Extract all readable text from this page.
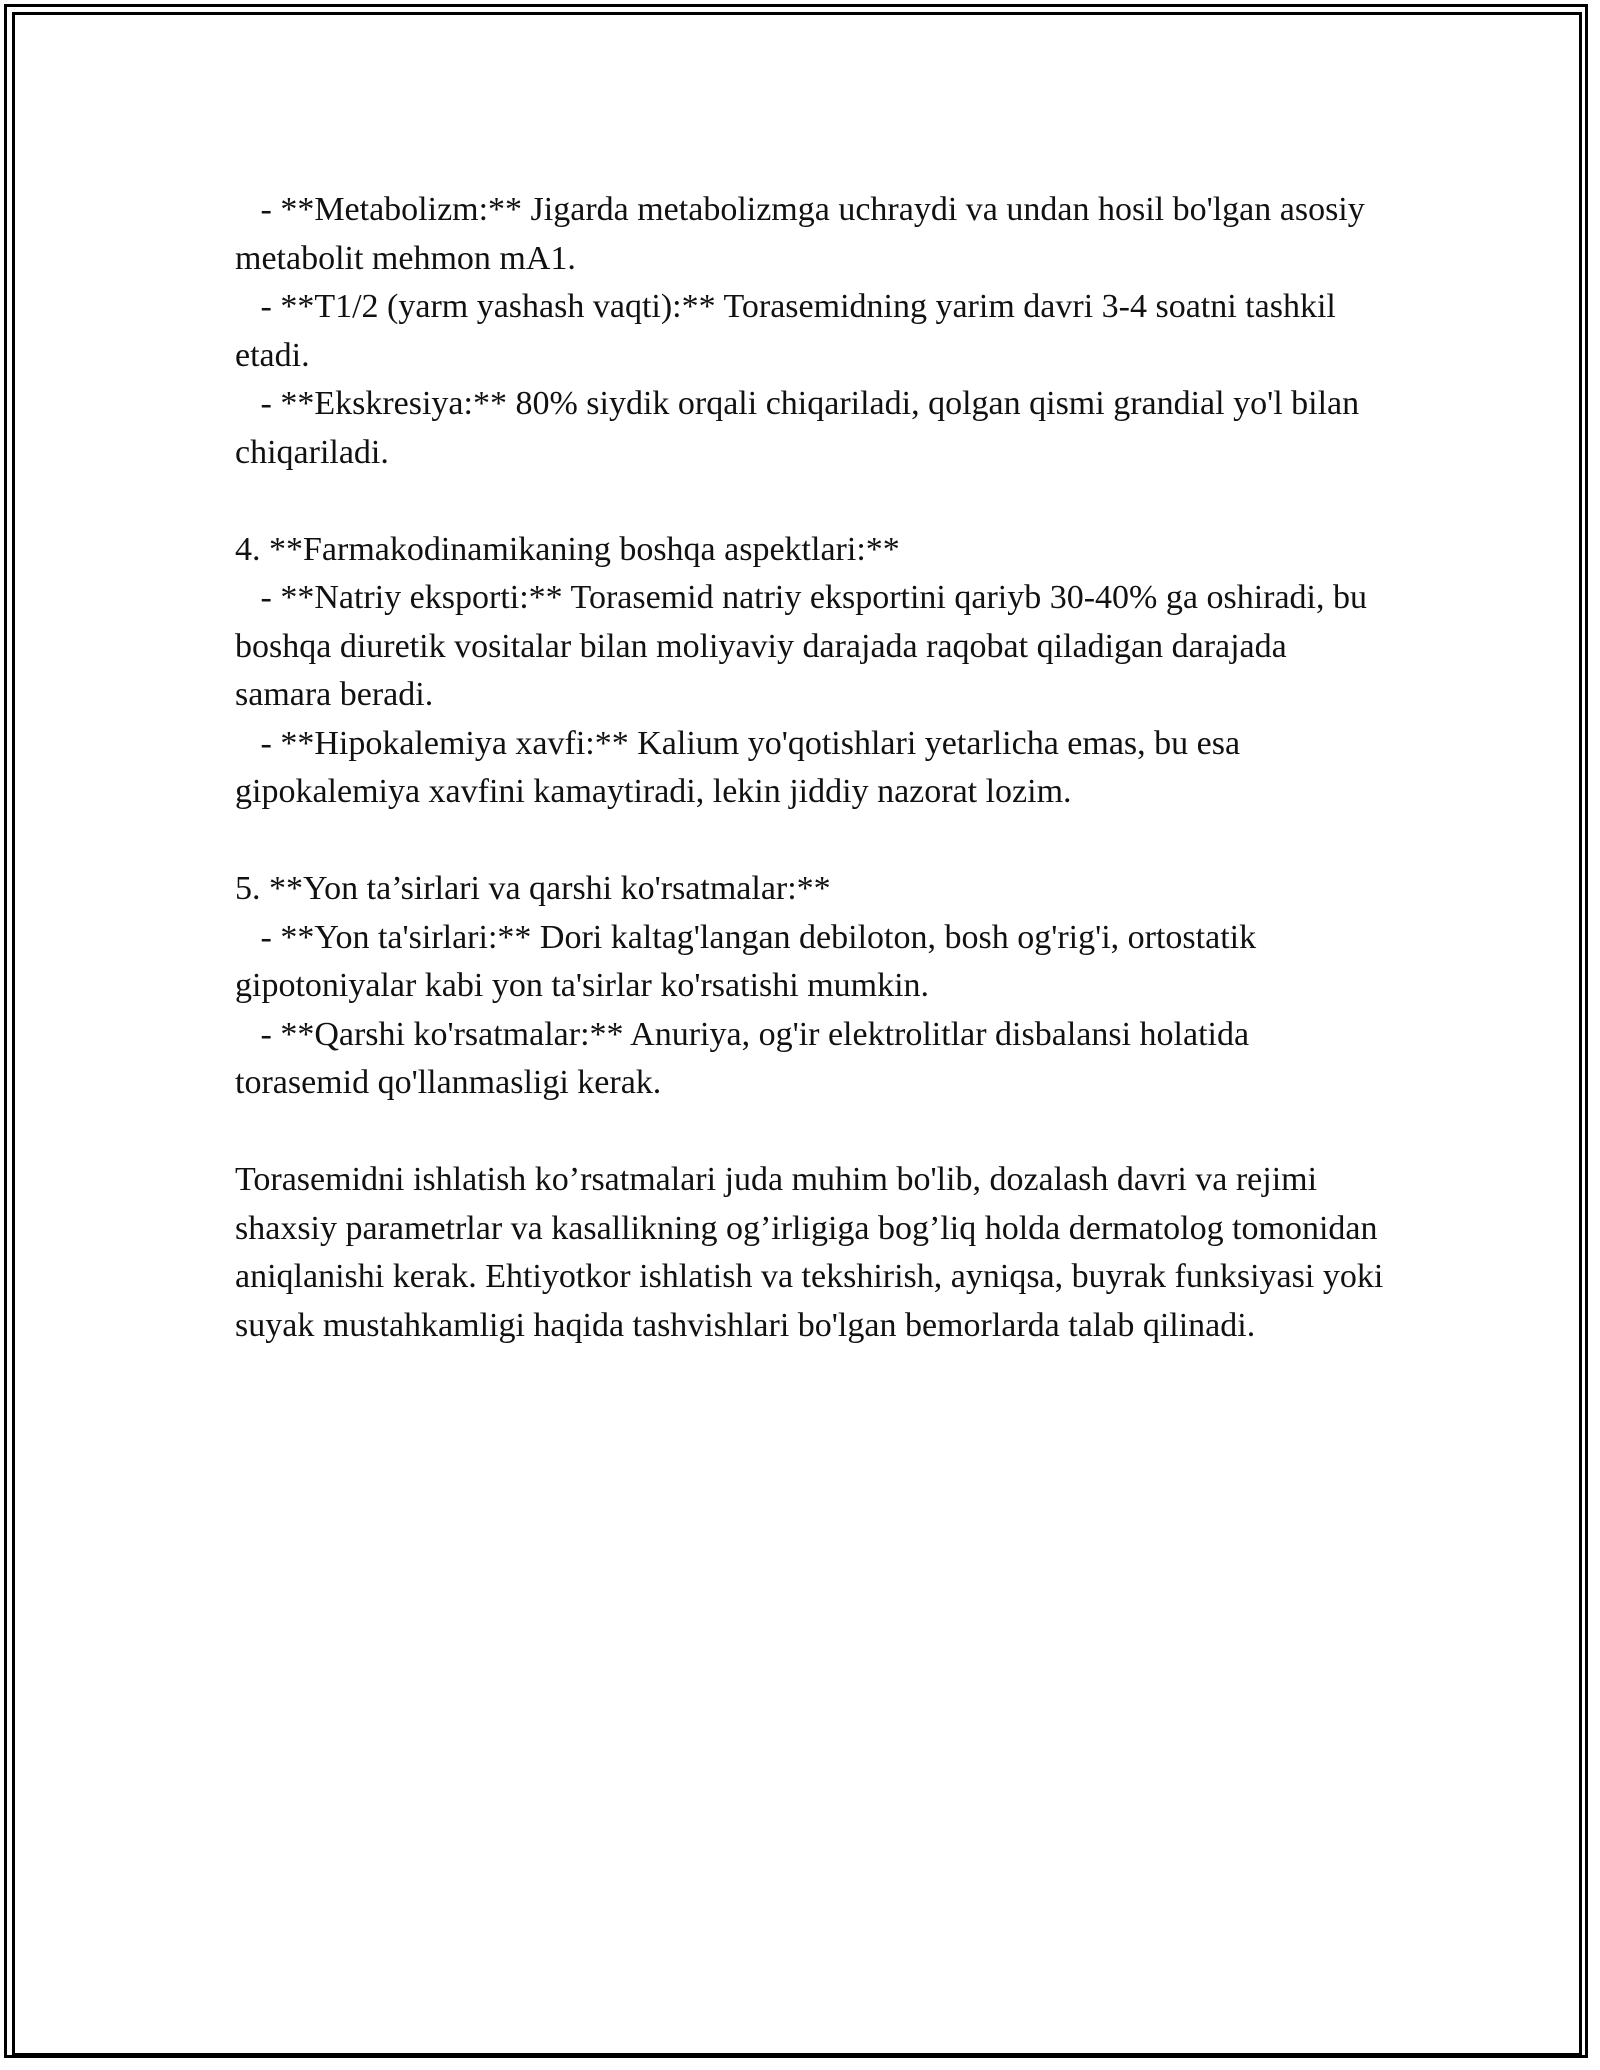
- **Metabolizm:** Jigarda metabolizmga uchraydi va undan hosil bo'lgan asosiy metabolit mehmon mA1.

- **T1/2 (yarm yashash vaqti):** Torasemidning yarim davri 3-4 soatni tashkil etadi.

- **Ekskresiya:** 80% siydik orqali chiqariladi, qolgan qismi grandial yo'l bilan chiqariladi.

4. **Farmakodinamikaning boshqa aspektlari:**

- **Natriy eksporti:** Torasemid natriy eksportini qariyb 30-40% ga oshiradi, bu boshqa diuretik vositalar bilan moliyaviy darajada raqobat qiladigan darajada samara beradi.

- **Hipokalemiya xavfi:** Kalium yo'qotishlari yetarlicha emas, bu esa gipokalemiya xavfini kamaytiradi, lekin jiddiy nazorat lozim.

5. **Yon ta’sirlari va qarshi ko'rsatmalar:**

- **Yon ta'sirlari:** Dori kaltag'langan debiloton, bosh og'rig'i, ortostatik gipotoniyalar kabi yon ta'sirlar ko'rsatishi mumkin.

- **Qarshi ko'rsatmalar:** Anuriya, og'ir elektrolitlar disbalansi holatida torasemid qo'llanmasligi kerak.

Torasemidni ishlatish ko’rsatmalari juda muhim bo'lib, dozalash davri va rejimi shaxsiy parametrlar va kasallikning og’irligiga bog’liq holda dermatolog tomonidan aniqlanishi kerak. Ehtiyotkor ishlatish va tekshirish, ayniqsa, buyrak funksiyasi yoki suyak mustahkamligi haqida tashvishlari bo'lgan bemorlarda talab qilinadi.
